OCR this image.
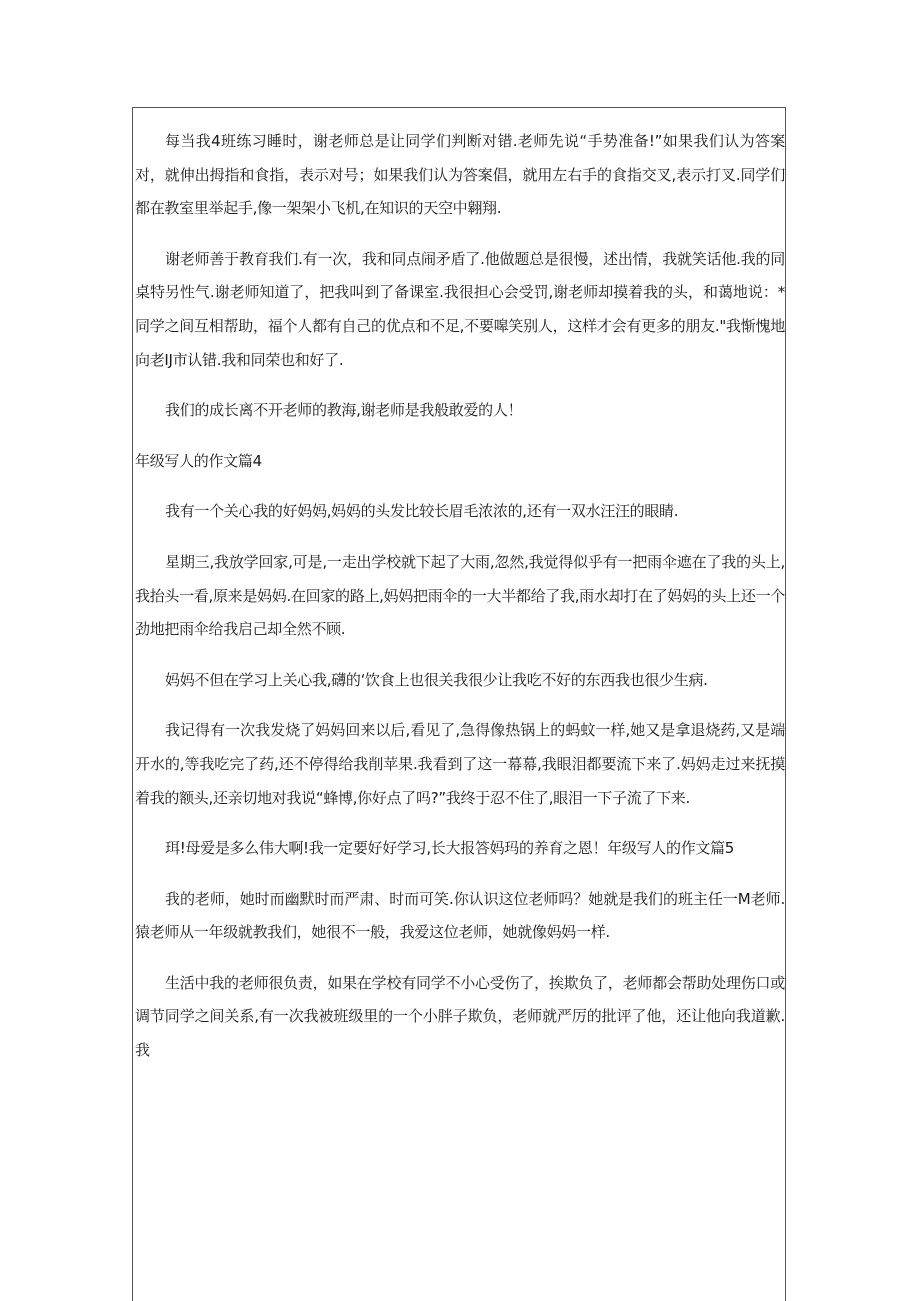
每当我4班练习睡时，谢老师总是让同学们判断对错.老师先说“手势准备!”如果我们认为答案对，就伸出拇指和食指，表示对号；如果我们认为答案倡，就用左右手的食指交叉,表示打叉.同学们都在教室里举起手,像一架架小飞机,在知识的天空中翱翔.

谢老师善于教育我们.有一次，我和同点闹矛盾了.他做题总是很慢，述出情，我就笑话他.我的同桌特另性气.谢老师知道了，把我叫到了备课室.我很担心会受罚,谢老师却摸着我的头，和蔼地说：*同学之间互相帮助，福个人都有自己的优点和不足,不要嗥笑别人，这样才会有更多的朋友."我惭愧地向老IJ市认错.我和同荣也和好了.

我们的成长离不开老师的教海,谢老师是我般敢爱的人！

年级写人的作文篇4

我有一个关心我的好妈妈,妈妈的头发比较长眉毛浓浓的,还有一双水汪汪的眼睛.

星期三,我放学回家,可是,一走出学校就下起了大雨,忽然,我觉得似乎有一把雨伞遮在了我的头上,我抬头一看,原来是妈妈.在回家的路上,妈妈把雨伞的一大半都给了我,雨水却打在了妈妈的头上还一个劲地把雨伞给我启己却全然不顾.

妈妈不但在学习上关心我,礴的‘饮食上也很关我很少让我吃不好的东西我也很少生病.

我记得有一次我发烧了妈妈回来以后,看见了,急得像热锅上的蚂蚊一样,她又是拿退烧药,又是端开水的,等我吃完了药,还不停得给我削苹果.我看到了这一幕幕,我眼泪都要流下来了.妈妈走过来抚摸着我的额头,还亲切地对我说“蜂博,你好点了吗?”我终于忍不住了,眼泪一下子流了下来.

珥!母爱是多么伟大啊!我一定要好好学习,长大报答妈玛的养育之恩！年级写人的作文篇5

我的老师，她时而幽默时而严肃、时而可笑.你认识这位老师吗？她就是我们的班主任一M老师.猿老师从一年级就教我们，她很不一般，我爱这位老师，她就像妈妈一样.

生活中我的老师很负责，如果在学校有同学不小心受伤了，挨欺负了，老师都会帮助处理伤口或调节同学之间关系,有一次我被班级里的一个小胖子欺负，老师就严厉的批评了他，还让他向我道歉.我
